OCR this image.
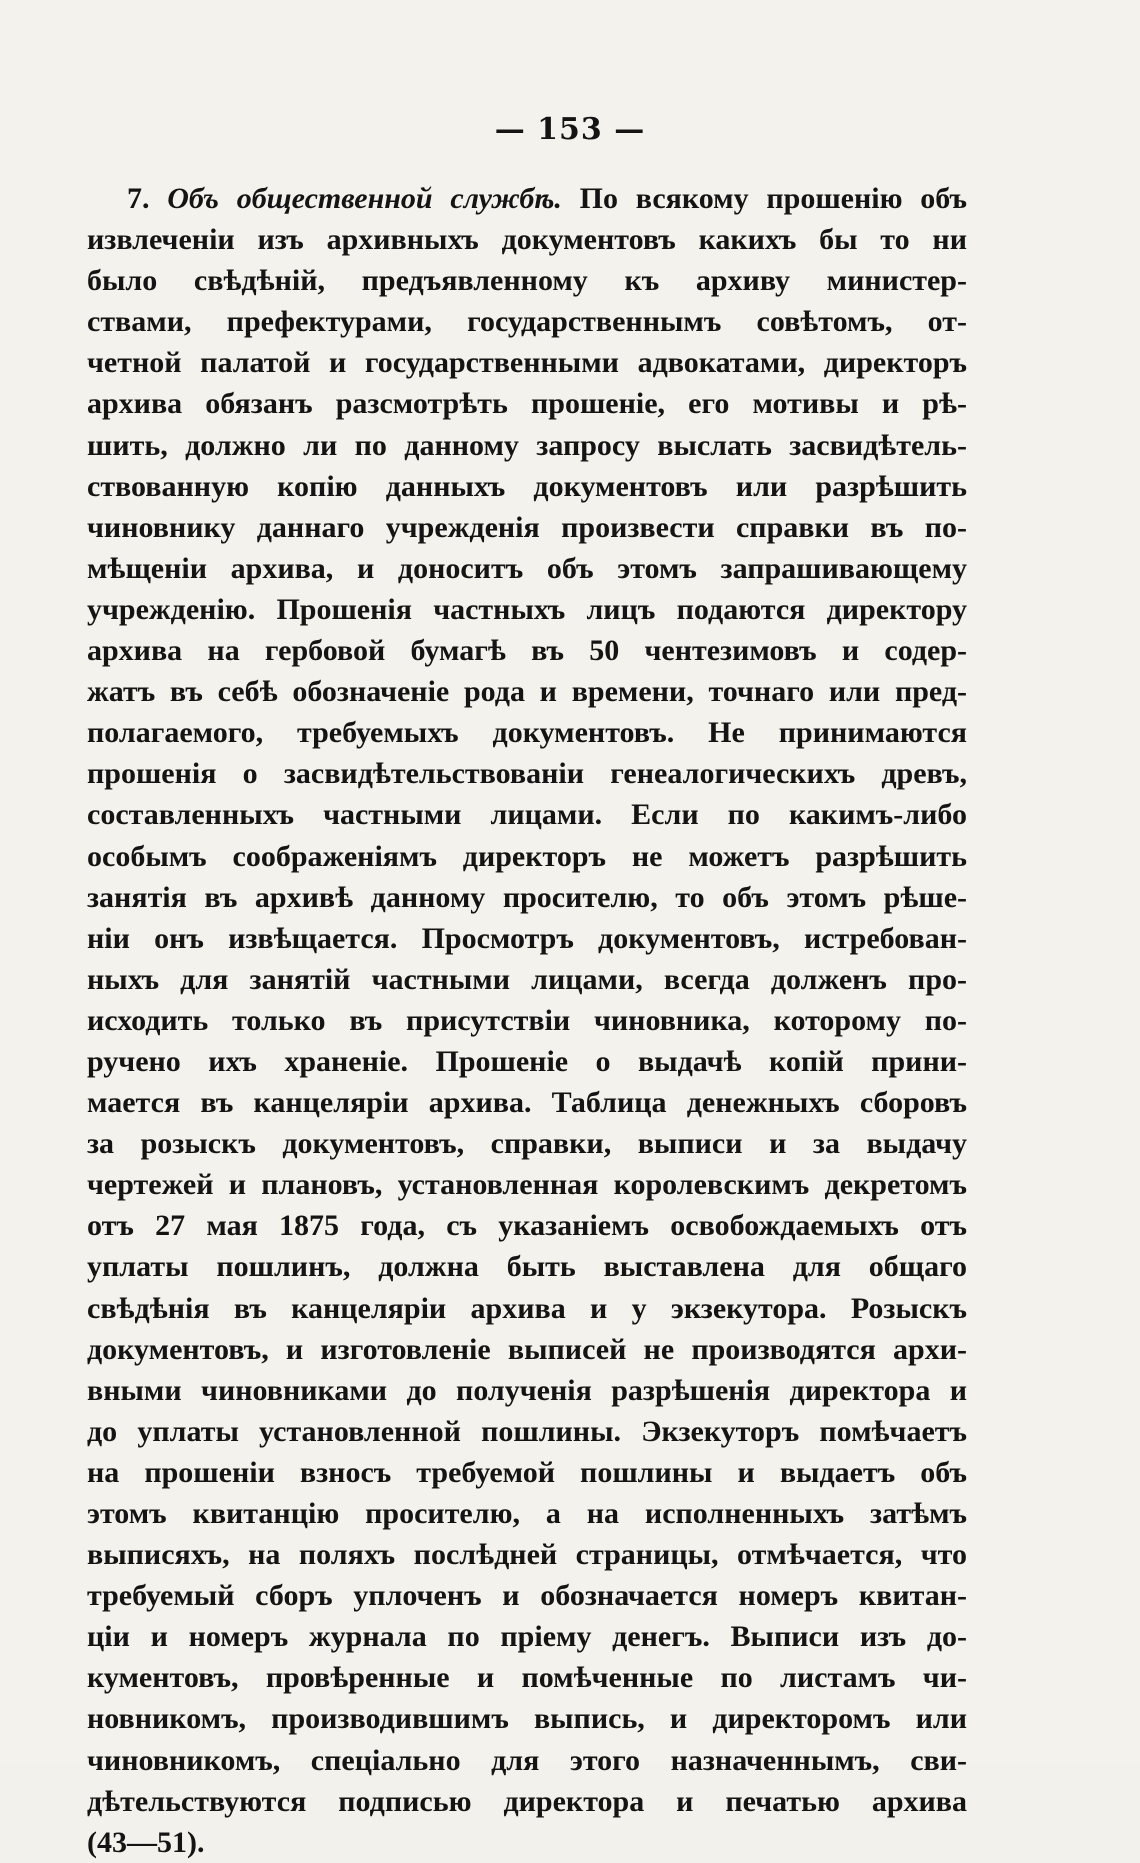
— 153 —
7. Объ общественной службѣ. По всякому прошенію объ
извлеченіи изъ архивныхъ документовъ какихъ бы то ни
было свѣдѣній, предъявленному къ архиву министер-
ствами, префектурами, государственнымъ совѣтомъ, от-
четной палатой и государственными адвокатами, директоръ
архива обязанъ разсмотрѣть прошеніе, его мотивы и рѣ-
шить, должно ли по данному запросу выслать засвидѣтель-
ствованную копію данныхъ документовъ или разрѣшить
чиновнику даннаго учрежденія произвести справки въ по-
мѣщеніи архива, и доноситъ объ этомъ запрашивающему
учрежденію. Прошенія частныхъ лицъ подаются директору
архива на гербовой бумагѣ въ 50 чентезимовъ и содер-
жатъ въ себѣ обозначеніе рода и времени, точнаго или пред-
полагаемого, требуемыхъ документовъ. Не принимаются
прошенія о засвидѣтельствованіи генеалогическихъ древъ,
составленныхъ частными лицами. Если по какимъ-либо
особымъ соображеніямъ директоръ не можетъ разрѣшить
занятія въ архивѣ данному просителю, то объ этомъ рѣше-
ніи онъ извѣщается. Просмотръ документовъ, истребован-
ныхъ для занятій частными лицами, всегда долженъ про-
исходить только въ присутствіи чиновника, которому по-
ручено ихъ храненіе. Прошеніе о выдачѣ копій прини-
мается въ канцеляріи архива. Таблица денежныхъ сборовъ
за розыскъ документовъ, справки, выписи и за выдачу
чертежей и плановъ, установленная королевскимъ декретомъ
отъ 27 мая 1875 года, съ указаніемъ освобождаемыхъ отъ
уплаты пошлинъ, должна быть выставлена для общаго
свѣдѣнія въ канцеляріи архива и у экзекутора. Розыскъ
документовъ, и изготовленіе выписей не производятся архи-
вными чиновниками до полученія разрѣшенія директора и
до уплаты установленной пошлины. Экзекуторъ помѣчаетъ
на прошеніи взносъ требуемой пошлины и выдаетъ объ
этомъ квитанцію просителю, а на исполненныхъ затѣмъ
выписяхъ, на поляхъ послѣдней страницы, отмѣчается, что
требуемый сборъ уплоченъ и обозначается номеръ квитан-
ціи и номеръ журнала по пріему денегъ. Выписи изъ до-
кументовъ, провѣренные и помѣченные по листамъ чи-
новникомъ, производившимъ выпись, и директоромъ или
чиновникомъ, спеціально для этого назначеннымъ, сви-
дѣтельствуются подписью директора и печатью архива
(43—51).
